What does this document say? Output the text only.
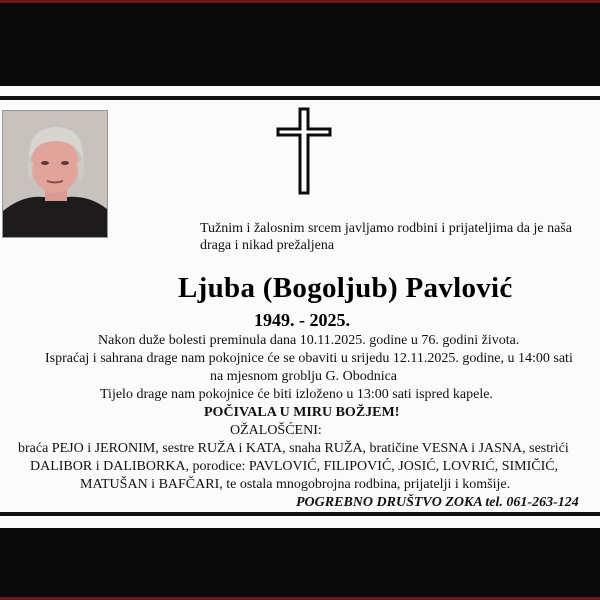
Tužnim i žalosnim srcem javljamo rodbini i prijateljima da je naša
draga i nikad prežaljena
Ljuba (Bogoljub) Pavlović
1949. - 2025.
Nakon duže bolesti preminula dana 10.11.2025. godine u 76. godini života.
Ispraćaj i sahrana drage nam pokojnice će se obaviti u srijedu 12.11.2025. godine, u 14:00 sati
na mjesnom groblju G. Obodnica
Tijelo drage nam pokojnice će biti izloženo u 13:00 sati ispred kapele.
POČIVALA U MIRU BOŽJEM!
OŽALOŠĆENI:
braća PEJO i JERONIM, sestre RUŽA i KATA, snaha RUŽA, bratičine VESNA i JASNA, sestrići
DALIBOR i DALIBORKA, porodice: PAVLOVIĆ, FILIPOVIĆ, JOSIĆ, LOVRIĆ, SIMIČIĆ,
MATUŠAN i BAFČARI, te ostala mnogobrojna rodbina, prijatelji i komšije.
POGREBNO DRUŠTVO ZOKA tel. 061-263-124
